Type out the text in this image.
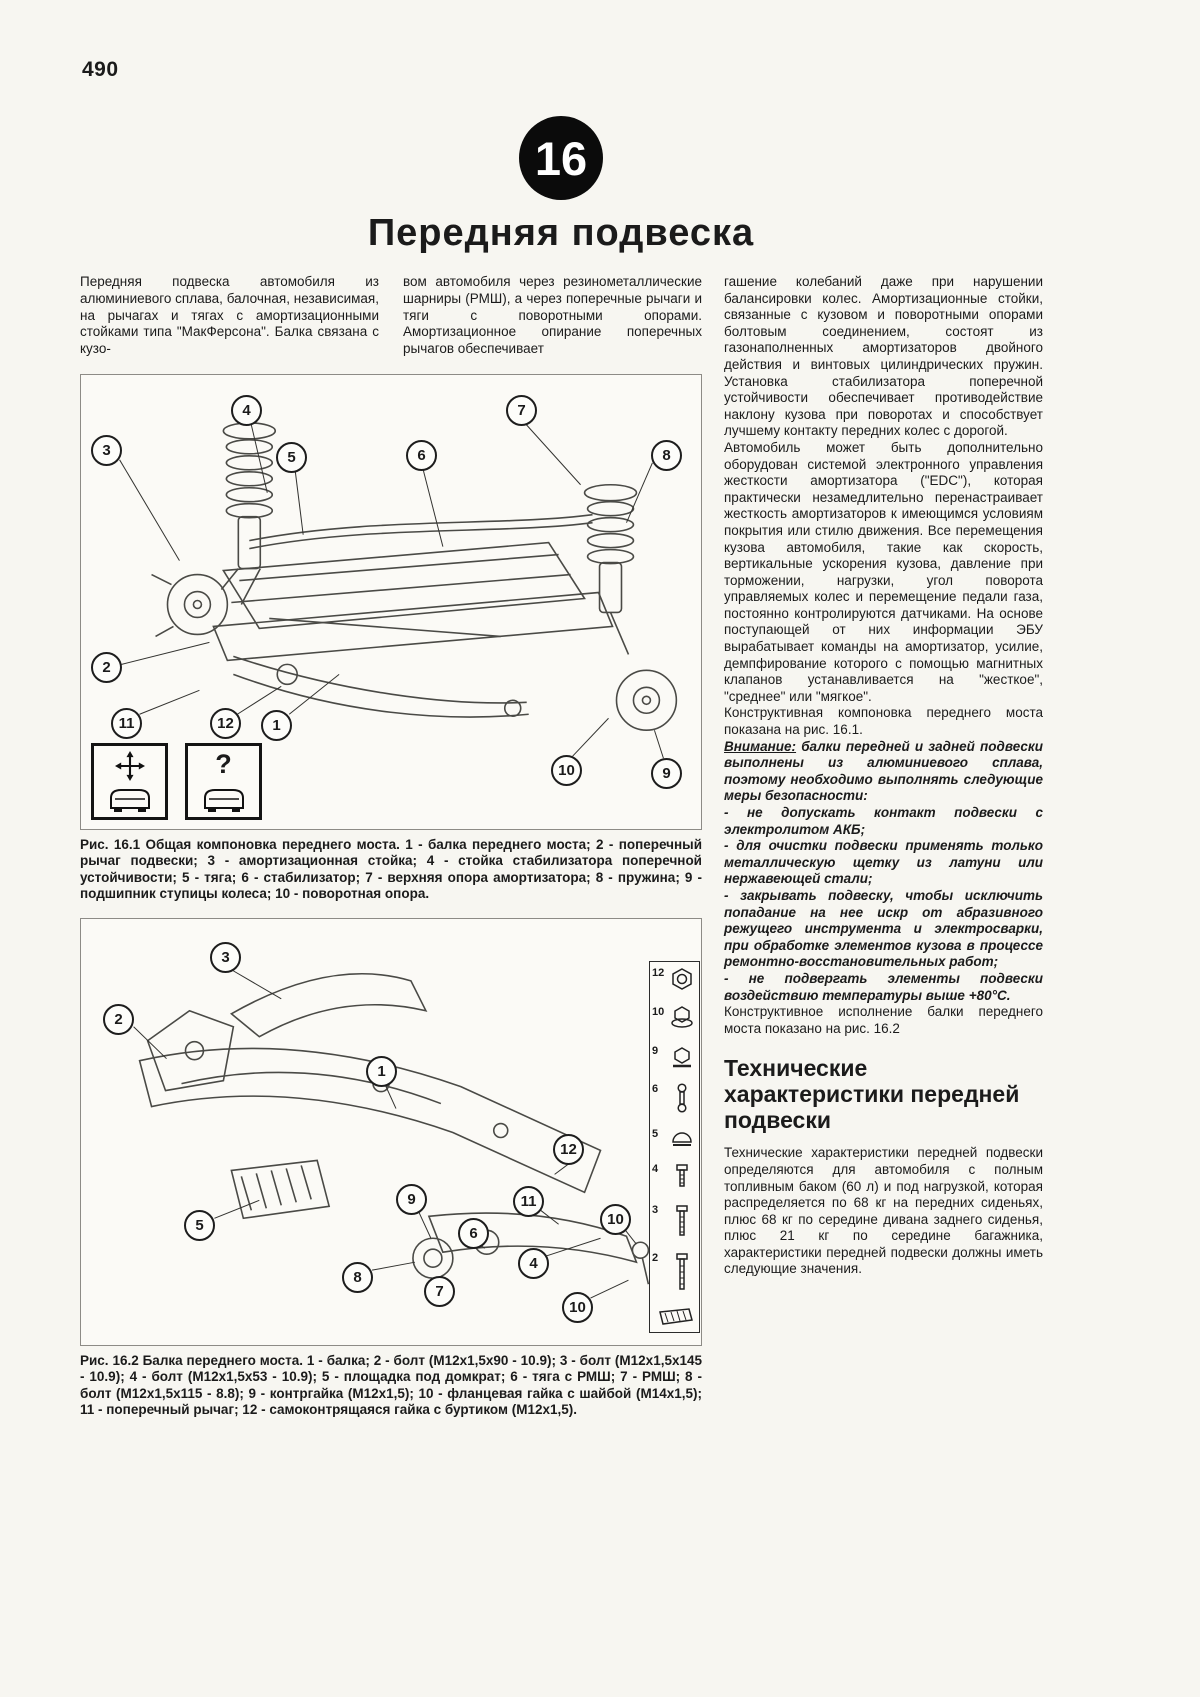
490
16
Передняя подвеска

Передняя подвеска автомобиля из алюминиевого сплава, балочная, независимая, на рычагах и тягах с амортизационными стойками типа "МакФерсона". Балка связана с кузо-

вом автомобиля через резинометаллические шарниры (РМШ), а через поперечные рычаги и тяги с поворотными опорами. Амортизационное опирание поперечных рычагов обеспечивает

1
2
3
4
5	6
7
8
9
10
11	12
?

Рис. 16.1 Общая компоновка переднего моста. 1 - балка переднего моста; 2 - поперечный рычаг подвески; 3 - амортизационная стойка; 4 - стойка стабилизатора поперечной устойчивости; 5 - тяга; 6 - стабилизатор; 7 - верхняя опора амортизатора; 8 - пружина; 9 - подшипник ступицы колеса; 10 - поворотная опора.

1
2
3
4
5	6
7
8
9
10
10
11
12
12
10
9
6
5
4
3
2

Рис. 16.2 Балка переднего моста. 1 - балка; 2 - болт (М12х1,5х90 - 10.9); 3 - болт (М12х1,5х145 - 10.9); 4 - болт (М12х1,5х53 - 10.9); 5 - площадка под домкрат; 6 - тяга с РМШ; 7 - РМШ; 8 - болт (М12х1,5х115 - 8.8); 9 - контргайка (М12х1,5); 10 - фланцевая гайка с шайбой (М14х1,5); 11 - поперечный рычаг; 12 - самоконтрящаяся гайка с буртиком (М12х1,5).

гашение колебаний даже при нарушении балансировки колес. Амортизационные стойки, связанные с кузовом и поворотными опорами болтовым соединением, состоят из газонаполненных амортизаторов двойного действия и винтовых цилиндрических пружин. Установка стабилизатора поперечной устойчивости обеспечивает противодействие наклону кузова при поворотах и способствует лучшему контакту передних колес с дорогой.

Автомобиль может быть дополнительно оборудован системой электронного управления жесткости амортизатора ("EDC"), которая практически незамедлительно перенастраивает жесткость амортизаторов к имеющимся условиям покрытия или стилю движения. Все перемещения кузова автомобиля, такие как скорость, вертикальные ускорения кузова, давление при торможении, нагрузки, угол поворота управляемых колес и перемещение педали газа, постоянно контролируются датчиками. На основе поступающей от них информации ЭБУ вырабатывает команды на амортизатор, усилие, демпфирование которого с помощью магнитных клапанов устанавливается на "жесткое", "среднее" или "мягкое".

Конструктивная компоновка переднего моста показана на рис. 16.1.

Внимание: балки передней и задней подвески выполнены из алюминиевого сплава, поэтому необходимо выполнять следующие меры безопасности:

- не допускать контакт подвески с электролитом АКБ;

- для очистки подвески применять только металлическую щетку из латуни или нержавеющей стали;

- закрывать подвеску, чтобы исключить попадание на нее искр от абразивного режущего инструмента и электросварки, при обработке элементов кузова в процессе ремонтно-восстановительных работ;

- не подвергать элементы подвески воздействию температуры выше +80°С.

Конструктивное исполнение балки переднего моста показано на рис. 16.2

Технические характеристики передней подвески

Технические характеристики передней подвески определяются для автомобиля с полным топливным баком (60 л) и под нагрузкой, которая распределяется по 68 кг на передних сиденьях, плюс 68 кг по середине дивана заднего сиденья, плюс 21 кг по середине багажника, характеристики передней подвески должны иметь следующие значения.
